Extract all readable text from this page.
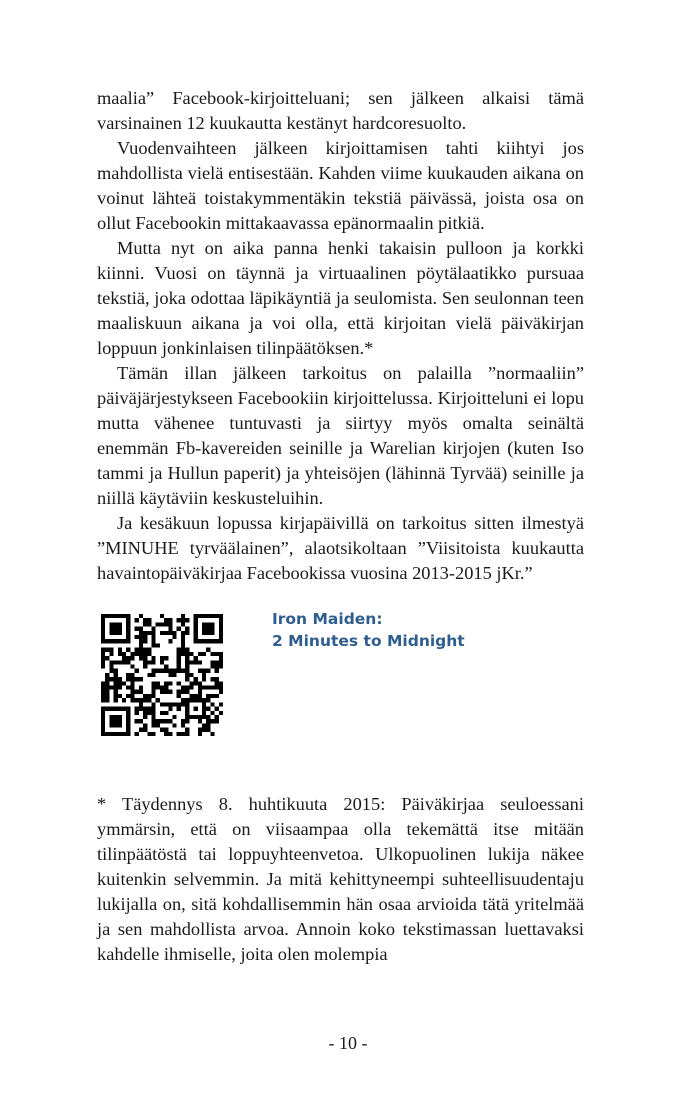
maalia” Facebook-kirjoitteluani; sen jälkeen alkaisi tämä varsinainen 12 kuukautta kestänyt hardcoresuolto.

Vuodenvaihteen jälkeen kirjoittamisen tahti kiihtyi jos mahdollista vielä entisestään. Kahden viime kuukauden aikana on voinut lähteä toistakymmentäkin tekstiä päivässä, joista osa on ollut Facebookin mittakaavassa epänormaalin pitkiä.

Mutta nyt on aika panna henki takaisin pulloon ja korkki kiinni. Vuosi on täynnä ja virtuaalinen pöytälaatikko pursuaa tekstiä, joka odottaa läpikäyntiä ja seulomista. Sen seulonnan teen maaliskuun aikana ja voi olla, että kirjoitan vielä päiväkirjan loppuun jonkinlaisen tilinpäätöksen.*

Tämän illan jälkeen tarkoitus on palailla ”normaaliin” päiväjärjestykseen Facebookiin kirjoittelussa. Kirjoitteluni ei lopu mutta vähenee tuntuvasti ja siirtyy myös omalta seinältä enemmän Fb-kavereiden seinille ja Warelian kirjojen (kuten Iso tammi ja Hullun paperit) ja yhteisöjen (lähinnä Tyrvää) seinille ja niillä käytäviin keskusteluihin.

Ja kesäkuun lopussa kirjapäivillä on tarkoitus sitten ilmestyä ”MINUHE tyrväälainen”, alaotsikoltaan ”Viisitoista kuukautta havaintopäiväkirjaa Facebookissa vuosina 2013-2015 jKr.”

Iron Maiden:
2 Minutes to Midnight

* Täydennys 8. huhtikuuta 2015: Päiväkirjaa seuloessani ymmärsin, että on viisaampaa olla tekemättä itse mitään tilinpäätöstä tai loppuyhteenvetoa. Ulkopuolinen lukija näkee kuitenkin selvemmin. Ja mitä kehittyneempi suhteellisuudentaju lukijalla on, sitä kohdallisemmin hän osaa arvioida tätä yritelmää ja sen mahdollista arvoa. Annoin koko tekstimassan luettavaksi kahdelle ihmiselle, joita olen molempia

- 10 -
